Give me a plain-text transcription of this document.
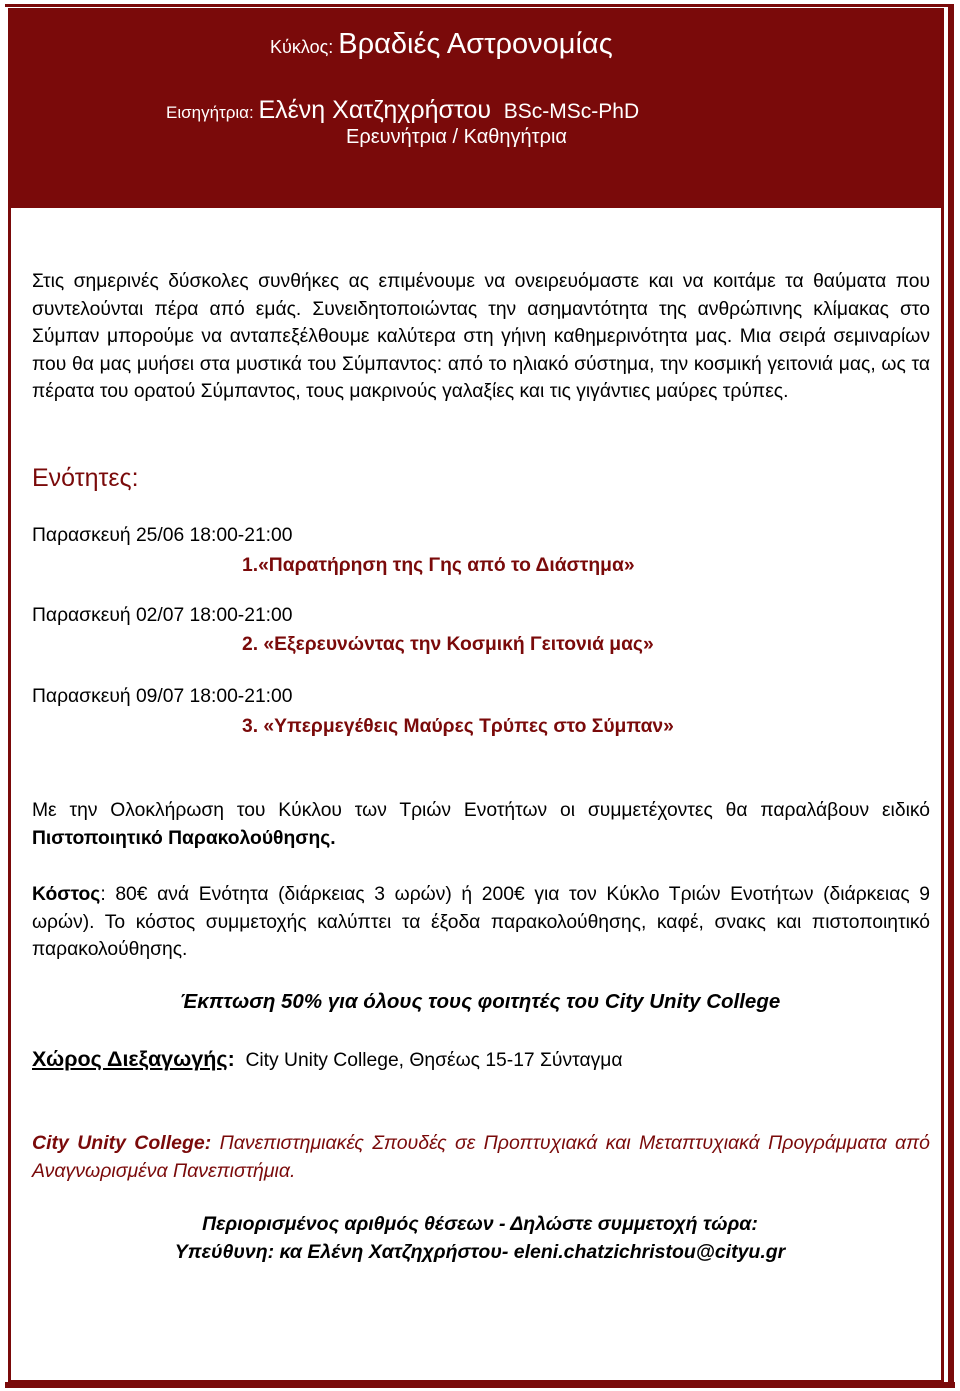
Κύκλος: Βραδιές Αστρονομίας
Εισηγήτρια: Ελένη Χατζηχρήστου BSc-MSc-PhD
Ερευνήτρια / Καθηγήτρια
Στις σημερινές δύσκολες συνθήκες ας επιμένουμε να ονειρευόμαστε και να κοιτάμε τα θαύματα που συντελούνται πέρα από εμάς. Συνειδητοποιώντας την ασημαντότητα της ανθρώπινης κλίμακας στο Σύμπαν μπορούμε να ανταπεξέλθουμε καλύτερα στη γήινη καθημερινότητα μας. Μια σειρά σεμιναρίων που θα μας μυήσει στα μυστικά του Σύμπαντος: από το ηλιακό σύστημα, την κοσμική γειτονιά μας, ως τα πέρατα του ορατού Σύμπαντος, τους μακρινούς γαλαξίες και τις γιγάντιες μαύρες τρύπες.
Ενότητες:
Παρασκευή 25/06 18:00-21:00
1.«Παρατήρηση της Γης από το Διάστημα»
Παρασκευή 02/07 18:00-21:00
2. «Εξερευνώντας την Κοσμική Γειτονιά μας»
Παρασκευή 09/07 18:00-21:00
3. «Υπερμεγέθεις Μαύρες Τρύπες στο Σύμπαν»
Με την Ολοκλήρωση του Κύκλου των Τριών Ενοτήτων οι συμμετέχοντες θα παραλάβουν ειδικό Πιστοποιητικό Παρακολούθησης.
Κόστος: 80€ ανά Ενότητα (διάρκειας 3 ωρών) ή 200€ για τον Κύκλο Τριών Ενοτήτων (διάρκειας 9 ωρών). Το κόστος συμμετοχής καλύπτει τα έξοδα παρακολούθησης, καφέ, σνακς και πιστοποιητικό παρακολούθησης.
Έκπτωση 50% για όλους τους φοιτητές του City Unity College
Χώρος Διεξαγωγής: City Unity College, Θησέως 15-17 Σύνταγμα
City Unity College: Πανεπιστημιακές Σπουδές σε Προπτυχιακά και Μεταπτυχιακά Προγράμματα από Αναγνωρισμένα Πανεπιστήμια.
Περιορισμένος αριθμός θέσεων - Δηλώστε συμμετοχή τώρα:
Υπεύθυνη: κα Ελένη Χατζηχρήστου- eleni.chatzichristou@cityu.gr
